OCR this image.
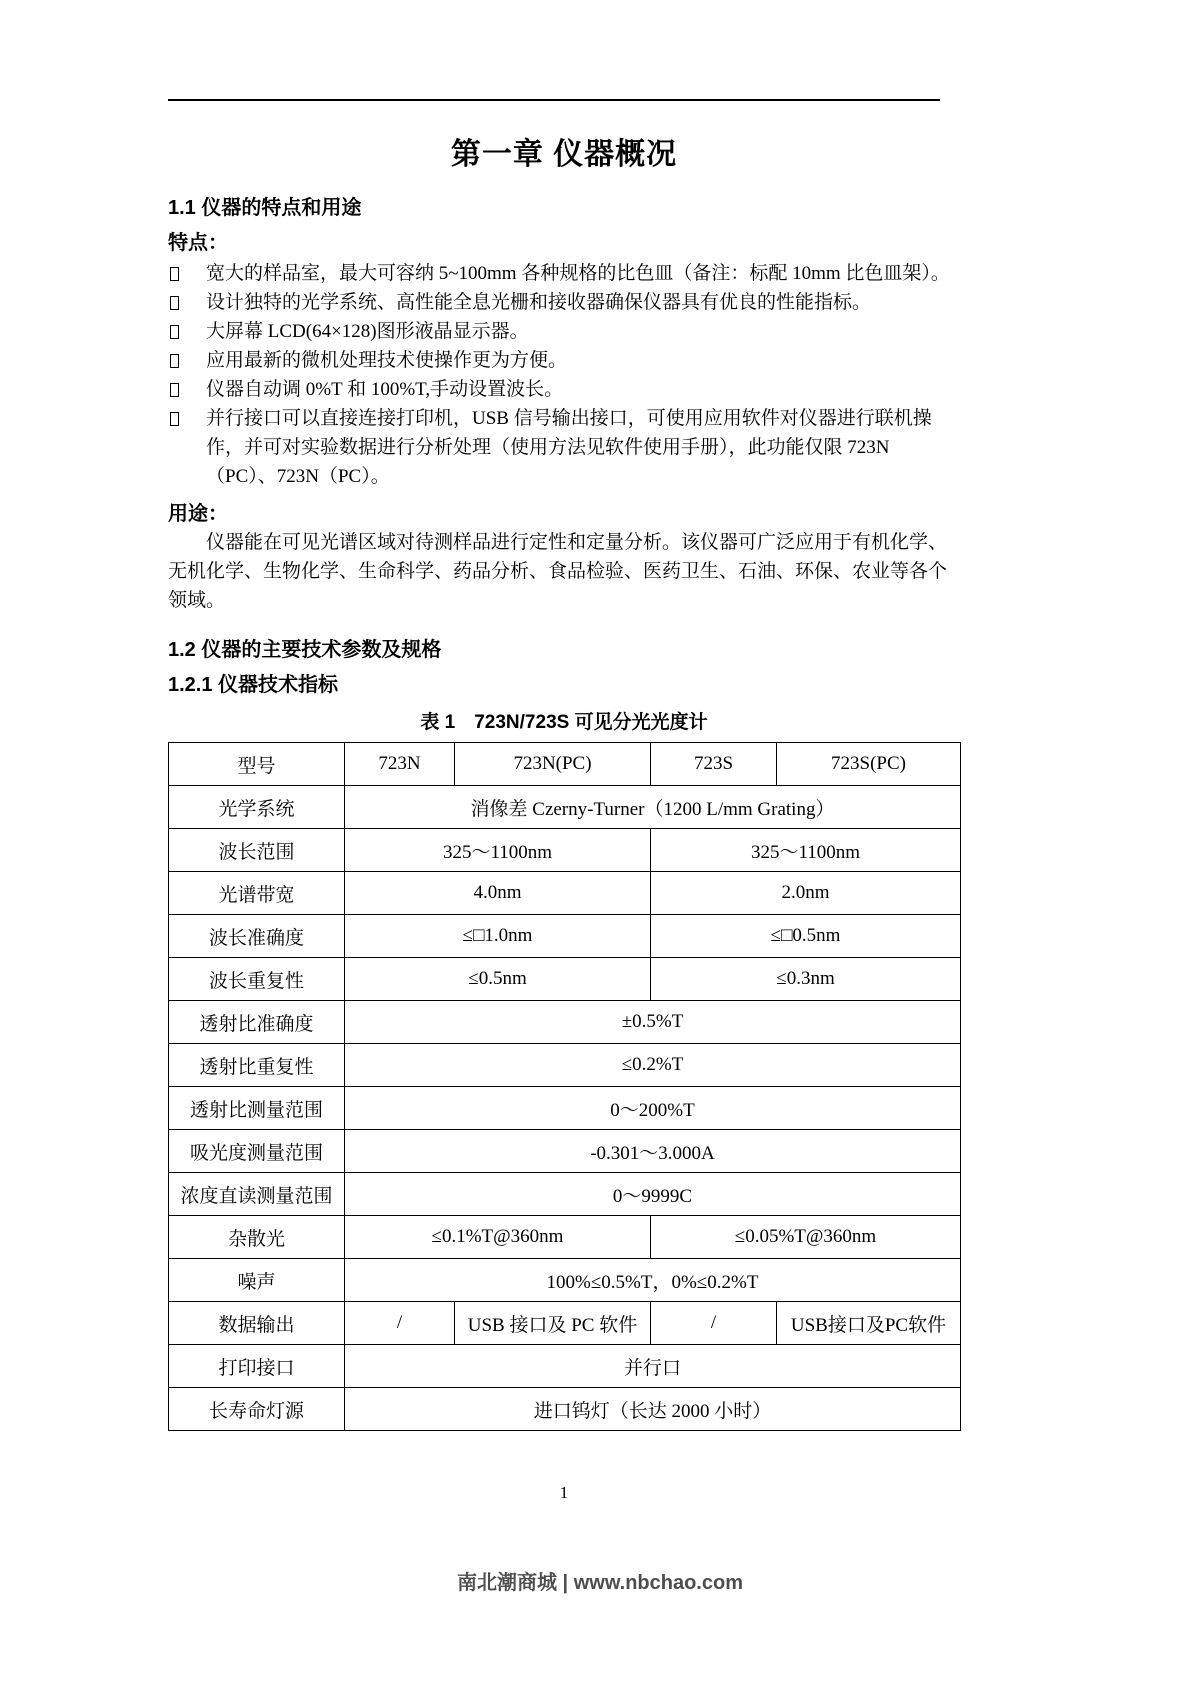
第一章 仪器概况
1.1 仪器的特点和用途
特点：
宽大的样品室，最大可容纳 5~100mm 各种规格的比色皿（备注：标配 10mm 比色皿架）。
设计独特的光学系统、高性能全息光栅和接收器确保仪器具有优良的性能指标。
大屏幕 LCD(64×128)图形液晶显示器。
应用最新的微机处理技术使操作更为方便。
仪器自动调 0%T 和 100%T,手动设置波长。
并行接口可以直接连接打印机，USB 信号输出接口，可使用应用软件对仪器进行联机操作，并可对实验数据进行分析处理（使用方法见软件使用手册），此功能仅限 723N（PC）、723N（PC）。
用途：

仪器能在可见光谱区域对待测样品进行定性和定量分析。该仪器可广泛应用于有机化学、无机化学、生物化学、生命科学、药品分析、食品检验、医药卫生、石油、环保、农业等各个领域。

1.2 仪器的主要技术参数及规格
1.2.1 仪器技术指标
表 1　723N/723S 可见分光光度计
型号	723N	723N(PC)	723S	723S(PC)
光学系统	消像差 Czerny-Turner（1200 L/mm Grating）			
波长范围	325～1100nm		325～1100nm	
光谱带宽	4.0nm		2.0nm	
波长准确度	≤□1.0nm		≤□0.5nm	
波长重复性	≤0.5nm		≤0.3nm	
透射比准确度	±0.5%T			
透射比重复性	≤0.2%T			
透射比测量范围	0～200%T			
吸光度测量范围	-0.301～3.000A			
浓度直读测量范围	0～9999C			
杂散光	≤0.1%T@360nm		≤0.05%T@360nm	
噪声	100%≤0.5%T，0%≤0.2%T			
数据输出	/	USB 接口及 PC 软件	/	USB接口及PC软件
打印接口	并行口			
长寿命灯源	进口钨灯（长达 2000 小时）			
1
南北潮商城 | www.nbchao.com
